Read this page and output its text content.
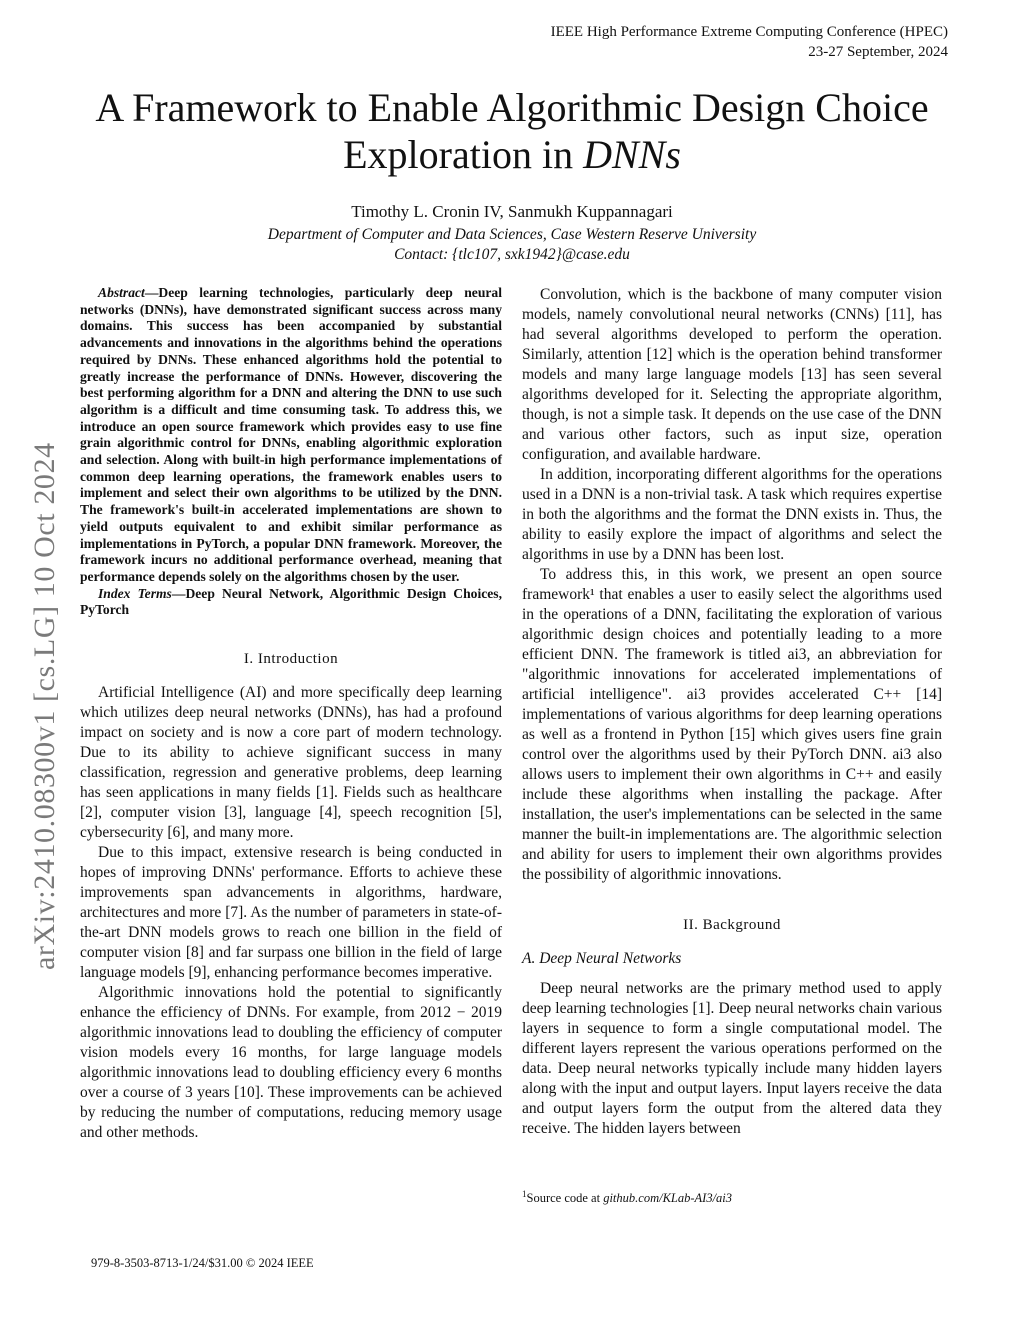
IEEE High Performance Extreme Computing Conference (HPEC)
23-27 September, 2024
arXiv:2410.08300v1 [cs.LG] 10 Oct 2024
A Framework to Enable Algorithmic Design Choice
Exploration in DNNs
Timothy L. Cronin IV, Sanmukh Kuppannagari
Department of Computer and Data Sciences, Case Western Reserve University
Contact: {tlc107, sxk1942}@case.edu

Abstract—Deep learning technologies, particularly deep neural networks (DNNs), have demonstrated significant success across many domains. This success has been accompanied by substantial advancements and innovations in the algorithms behind the operations required by DNNs. These enhanced algorithms hold the potential to greatly increase the performance of DNNs. However, discovering the best performing algorithm for a DNN and altering the DNN to use such algorithm is a difficult and time consuming task. To address this, we introduce an open source framework which provides easy to use fine grain algorithmic control for DNNs, enabling algorithmic exploration and selection. Along with built-in high performance implementations of common deep learning operations, the framework enables users to implement and select their own algorithms to be utilized by the DNN. The framework's built-in accelerated implementations are shown to yield outputs equivalent to and exhibit similar performance as implementations in PyTorch, a popular DNN framework. Moreover, the framework incurs no additional performance overhead, meaning that performance depends solely on the algorithms chosen by the user.

Index Terms—Deep Neural Network, Algorithmic Design Choices, PyTorch

I. Introduction

Artificial Intelligence (AI) and more specifically deep learning which utilizes deep neural networks (DNNs), has had a profound impact on society and is now a core part of modern technology. Due to its ability to achieve significant success in many classification, regression and generative problems, deep learning has seen applications in many fields [1]. Fields such as healthcare [2], computer vision [3], language [4], speech recognition [5], cybersecurity [6], and many more.

Due to this impact, extensive research is being conducted in hopes of improving DNNs' performance. Efforts to achieve these improvements span advancements in algorithms, hardware, architectures and more [7]. As the number of parameters in state-of-the-art DNN models grows to reach one billion in the field of computer vision [8] and far surpass one billion in the field of large language models [9], enhancing performance becomes imperative.

Algorithmic innovations hold the potential to significantly enhance the efficiency of DNNs. For example, from 2012 − 2019 algorithmic innovations lead to doubling the efficiency of computer vision models every 16 months, for large language models algorithmic innovations lead to doubling efficiency every 6 months over a course of 3 years [10]. These improvements can be achieved by reducing the number of computations, reducing memory usage and other methods.

Convolution, which is the backbone of many computer vision models, namely convolutional neural networks (CNNs) [11], has had several algorithms developed to perform the operation. Similarly, attention [12] which is the operation behind transformer models and many large language models [13] has seen several algorithms developed for it. Selecting the appropriate algorithm, though, is not a simple task. It depends on the use case of the DNN and various other factors, such as input size, operation configuration, and available hardware.

In addition, incorporating different algorithms for the operations used in a DNN is a non-trivial task. A task which requires expertise in both the algorithms and the format the DNN exists in. Thus, the ability to easily explore the impact of algorithms and select the algorithms in use by a DNN has been lost.

To address this, in this work, we present an open source framework¹ that enables a user to easily select the algorithms used in the operations of a DNN, facilitating the exploration of various algorithmic design choices and potentially leading to a more efficient DNN. The framework is titled ai3, an abbreviation for "algorithmic innovations for accelerated implementations of artificial intelligence". ai3 provides accelerated C++ [14] implementations of various algorithms for deep learning operations as well as a frontend in Python [15] which gives users fine grain control over the algorithms used by their PyTorch DNN. ai3 also allows users to implement their own algorithms in C++ and easily include these algorithms when installing the package. After installation, the user's implementations can be selected in the same manner the built-in implementations are. The algorithmic selection and ability for users to implement their own algorithms provides the possibility of algorithmic innovations.

II. Background
A. Deep Neural Networks

Deep neural networks are the primary method used to apply deep learning technologies [1]. Deep neural networks chain various layers in sequence to form a single computational model. The different layers represent the various operations performed on the data. Deep neural networks typically include many hidden layers along with the input and output layers. Input layers receive the data and output layers form the output from the altered data they receive. The hidden layers between

$^1$Source code at github.com/KLab-AI3/ai3
979-8-3503-8713-1/24/$31.00 © 2024 IEEE
